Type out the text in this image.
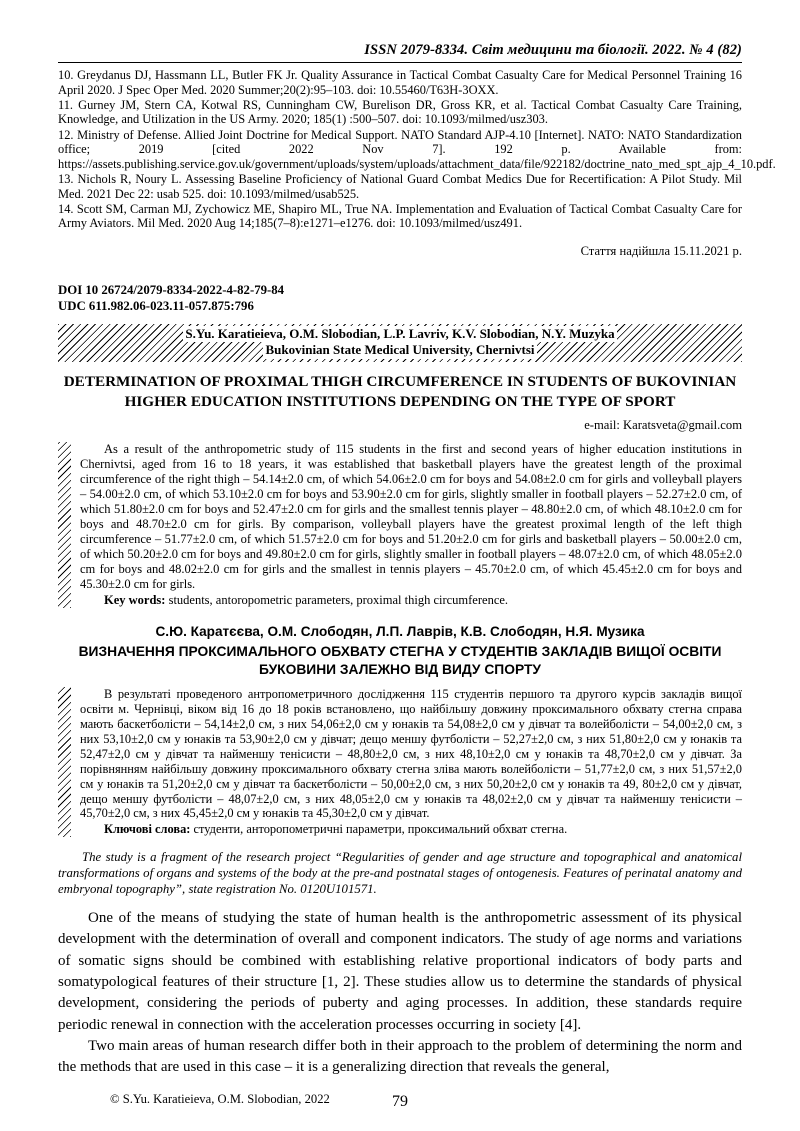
ISSN 2079-8334. Світ медицини та біології. 2022. № 4 (82)

10. Greydanus DJ, Hassmann LL, Butler FK Jr. Quality Assurance in Tactical Combat Casualty Care for Medical Personnel Training 16 April 2020. J Spec Oper Med. 2020 Summer;20(2):95–103. doi: 10.55460/T63H-3OXX.

11. Gurney JM, Stern CA, Kotwal RS, Cunningham CW, Burelison DR, Gross KR, et al. Tactical Combat Casualty Care Training, Knowledge, and Utilization in the US Army. 2020; 185(1) :500–507. doi: 10.1093/milmed/usz303.

12. Ministry of Defense. Allied Joint Doctrine for Medical Support. NATO Standard AJP-4.10 [Internet]. NATO: NATO Standardization office; 2019 [cited 2022 Nov 7]. 192 p. Available from: https://assets.publishing.service.gov.uk/government/uploads/system/uploads/attachment_data/file/922182/doctrine_nato_med_spt_ajp_4_10.pdf.

13. Nichols R, Noury L. Assessing Baseline Proficiency of National Guard Combat Medics Due for Recertification: A Pilot Study. Mil Med. 2021 Dec 22: usab 525. doi: 10.1093/milmed/usab525.

14. Scott SM, Carman MJ, Zychowicz ME, Shapiro ML, True NA. Implementation and Evaluation of Tactical Combat Casualty Care for Army Aviators. Mil Med. 2020 Aug 14;185(7–8):e1271–e1276. doi: 10.1093/milmed/usz491.

Стаття надійшла 15.11.2021 р.
DOI 10 26724/2079-8334-2022-4-82-79-84
UDC 611.982.06-023.11-057.875:796
S.Yu. Karatieieva, O.M. Slobodian, L.P. Lavriv, K.V. Slobodian, N.Y. Muzyka
Bukovinian State Medical University, Chernivtsi
DETERMINATION OF PROXIMAL THIGH CIRCUMFERENCE IN STUDENTS OF BUKOVINIAN HIGHER EDUCATION INSTITUTIONS DEPENDING ON THE TYPE OF SPORT
e-mail: Karatsveta@gmail.com

As a result of the anthropometric study of 115 students in the first and second years of higher education institutions in Chernivtsi, aged from 16 to 18 years, it was established that basketball players have the greatest length of the proximal circumference of the right thigh – 54.14±2.0 cm, of which 54.06±2.0 cm for boys and 54.08±2.0 cm for girls and volleyball players – 54.00±2.0 cm, of which 53.10±2.0 cm for boys and 53.90±2.0 cm for girls, slightly smaller in football players – 52.27±2.0 cm, of which 51.80±2.0 cm for boys and 52.47±2.0 cm for girls and the smallest tennis player – 48.80±2.0 cm, of which 48.10±2.0 cm for boys and 48.70±2.0 cm for girls. By comparison, volleyball players have the greatest proximal length of the left thigh circumference – 51.77±2.0 cm, of which 51.57±2.0 cm for boys and 51.20±2.0 cm for girls and basketball players – 50.00±2.0 cm, of which 50.20±2.0 cm for boys and 49.80±2.0 cm for girls, slightly smaller in football players – 48.07±2.0 cm, of which 48.05±2.0 cm for boys and 48.02±2.0 cm for girls and the smallest in tennis players – 45.70±2.0 cm, of which 45.45±2.0 cm for boys and 45.30±2.0 cm for girls.

Key words: students, antoropometric parameters, proximal thigh circumference.
С.Ю. Каратєєва, О.М. Слободян, Л.П. Лаврів, К.В. Слободян, Н.Я. Музика
ВИЗНАЧЕННЯ ПРОКСИМАЛЬНОГО ОБХВАТУ СТЕГНА У СТУДЕНТІВ ЗАКЛАДІВ ВИЩОЇ ОСВІТИ БУКОВИНИ ЗАЛЕЖНО ВІД ВИДУ СПОРТУ

В результаті проведеного антропометричного дослідження 115 студентів першого та другого курсів закладів вищої освіти м. Чернівці, віком від 16 до 18 років встановлено, що найбільшу довжину проксимального обхвату стегна справа мають баскетболісти – 54,14±2,0 см, з них 54,06±2,0 см у юнаків та 54,08±2,0 см у дівчат та волейболісти – 54,00±2,0 см, з них 53,10±2,0 см у юнаків та 53,90±2,0 см у дівчат; дещо меншу футболісти – 52,27±2,0 см, з них 51,80±2,0 см у юнаків та 52,47±2,0 см у дівчат та найменшу тенісисти – 48,80±2,0 см, з них 48,10±2,0 см у юнаків та 48,70±2,0 см у дівчат. За порівнянням найбільшу довжину проксимального обхвату стегна зліва мають волейболісти – 51,77±2,0 см, з них 51,57±2,0 см у юнаків та 51,20±2,0 см у дівчат та баскетболісти – 50,00±2,0 см, з них 50,20±2,0 см у юнаків та 49, 80±2,0 см у дівчат, дещо меншу футболісти – 48,07±2,0 см, з них 48,05±2,0 см у юнаків та 48,02±2,0 см у дівчат та найменшу тенісисти – 45,70±2,0 см, з них 45,45±2,0 см у юнаків та 45,30±2,0 см у дівчат.

Ключові слова: студенти, анторопометричні параметри, проксимальний обхват стегна.
The study is a fragment of the research project “Regularities of gender and age structure and topographical and anatomical transformations of organs and systems of the body at the pre-and postnatal stages of ontogenesis. Features of perinatal anatomy and embryonal topography”, state registration No. 0120U101571.

One of the means of studying the state of human health is the anthropometric assessment of its physical development with the determination of overall and component indicators. The study of age norms and variations of somatic signs should be combined with establishing relative proportional indicators of body parts and somatypological features of their structure [1, 2]. These studies allow us to determine the standards of physical development, considering the periods of puberty and aging processes. In addition, these standards require periodic renewal in connection with the acceleration processes occurring in society [4].

Two main areas of human research differ both in their approach to the problem of determining the norm and the methods that are used in this case – it is a generalizing direction that reveals the general,

© S.Yu. Karatieieva, O.M. Slobodian, 2022	79
